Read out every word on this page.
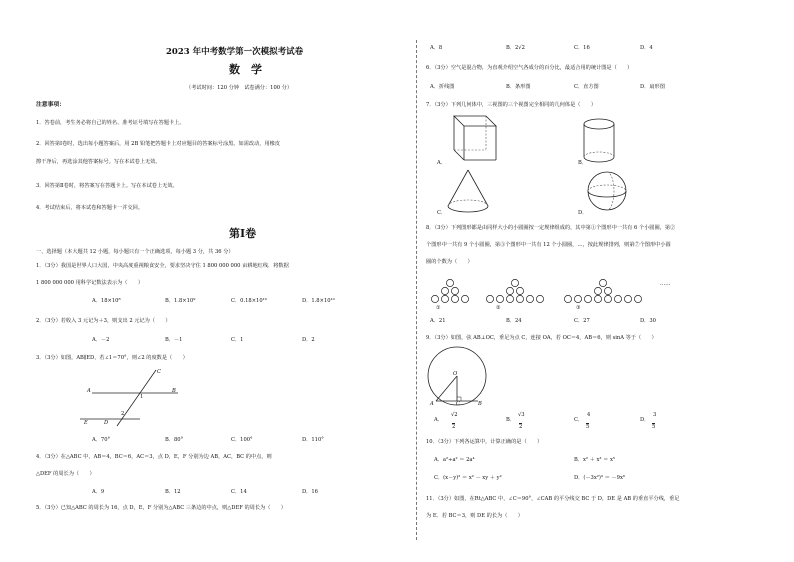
2023 年中考数学第一次模拟考试卷
数　学
（考试时间：120 分钟　试卷满分：100 分）
注意事项：
1．答卷前，考生务必将自己的姓名、准考证号填写在答题卡上。
2．回答第Ⅰ卷时，选出每小题答案后，用 2B 铅笔把答题卡上对应题目的答案标号涂黑。如需改动，用橡皮
擦干净后，再选涂其他答案标号。写在本试卷上无效。
3．回答第Ⅱ卷时，将答案写在答题卡上。写在本试卷上无效。
4．考试结束后，将本试卷和答题卡一并交回。
第Ⅰ卷
一、选择题（本大题共 12 小题，每小题只有一个正确选项，每小题 3 分，共 36 分）
1．（3分）我国是世界人口大国，中央高度重视粮食安全，要求坚决守住 1 800 000 000 亩耕地红线．将数据
1 800 000 000 用科学记数法表示为（　　）
A．18×10⁸	B．1.8×10⁹	C．0.18×10¹⁰	D．1.8×10¹⁰
2．（3分）若收入 3 元记为＋3，则支出 2 元记为（　　）
A．－2	B．－1	C．1	D．2
3．（3分）如图，AB∥ED，若∠1＝70°，则∠2 的度数是（　　）
A	B
C
D
E
1
2
A．70°	B．80°	C．100°	D．110°
4．（3分）在△ABC 中，AB＝4，BC＝6，AC＝3，点 D，E，F 分别为边 AB，AC，BC 的中点，则
△DEF 的周长为（　　）
A．9	B．12	C．14	D．16
5．（3分）已知△ABC 的周长为 16，点 D，E，F 分别为△ABC 三条边的中点，则△DEF 的周长为（　　）
A．8	B．2√2	C．16	D．4
6．（3分）空气是混合物，为直观介绍空气各成分的百分比，最适合用的统计图是（　　）
A．折线图	B．条形图	C．直方图	D．扇形图
7．（3分）下列几何体中，三视图的三个视图完全相同的几何体是（　　）
A．	B．
C．	D．
8．（3分）下列图形都是由同样大小的小圆圈按一定规律组成的，其中第①个图形中一共有 6 个小圆圈，第②
个图形中一共有 9 个小圆圈，第③个图形中一共有 12 个小圆圈，…，按此规律排列，则第⑦个图形中小圆
圈的个数为（　　）
……
①	②	③
A．21	B．24	C．27	D．30
9．（3分）如图，弦 AB⊥OC，垂足为点 C，连接 OA，若 OC＝4，AB＝6，则 sinA 等于（　　）
O
A	B
C
A．
√2
2
B．
√3
2
C．
4
5
D．
3
5
10．（3分）下列各运算中，计算正确的是（　　）
A．a²÷a² ＝ 2a⁴	B．x² ＋ x³ ＝ x⁵
C．(x－y)² ＝ x² － xy ＋ y²	D．(－3x²)³ ＝ －9x⁶
11．（3分）如图，在Rt△ABC 中，∠C＝90°，∠CAB 的平分线交 BC 于 D，DE 是 AB 的垂直平分线，垂足
为 E．若 BC＝3，则 DE 的长为（　　）
